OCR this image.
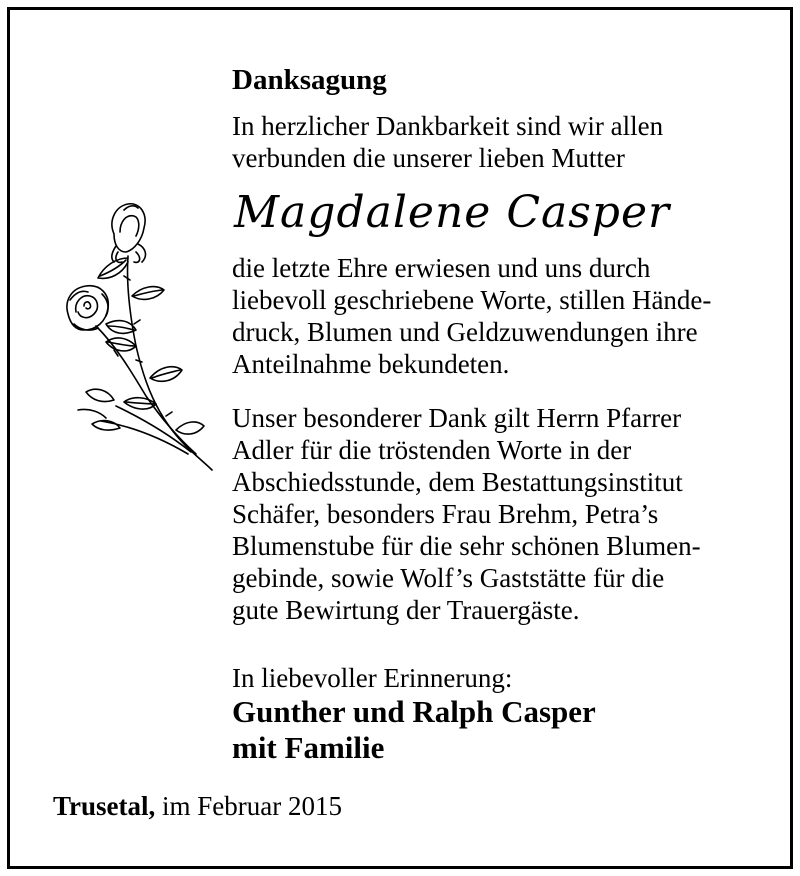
Danksagung
In herzlicher Dankbarkeit sind wir allen
verbunden die unserer lieben Mutter
Magdalene Casper
die letzte Ehre erwiesen und uns durch
liebevoll geschriebene Worte, stillen Hände-
druck, Blumen und Geldzuwendungen ihre
Anteilnahme bekundeten.
Unser besonderer Dank gilt Herrn Pfarrer
Adler für die tröstenden Worte in der
Abschiedsstunde, dem Bestattungsinstitut
Schäfer, besonders Frau Brehm, Petra’s
Blumenstube für die sehr schönen Blumen-
gebinde, sowie Wolf’s Gaststätte für die
gute Bewirtung der Trauergäste.
In liebevoller Erinnerung:
Gunther und Ralph Casper
mit Familie
Trusetal, im Februar 2015
